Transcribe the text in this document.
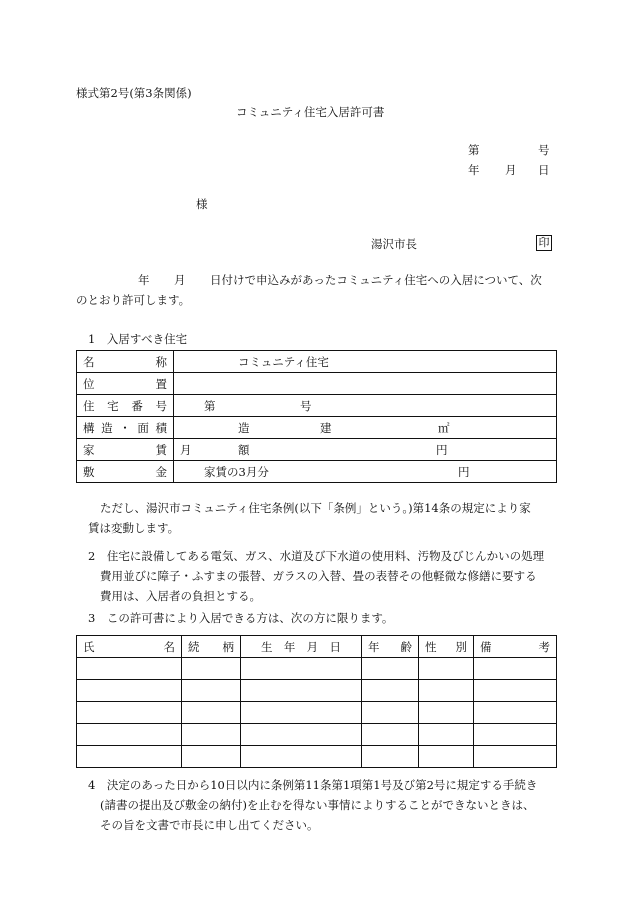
様式第2号(第3条関係)
コミュニティ住宅入居許可書
第	号
年 月 日
様
湯沢市長	印
年 月 日付けで申込みがあったコミュニティ住宅への入居について、次
のとおり許可します。
1　入居すべき住宅
名 称	コミュニティ住宅

位 置	

住 宅 番 号	第 号

構 造 ・ 面 積	造 建 ㎡

家 賃	月 額 円

敷 金	家賃の3月分 円
ただし、湯沢市コミュニティ住宅条例(以下「条例」という。)第14条の規定により家
賃は変動します。
2　住宅に設備してある電気、ガス、水道及び下水道の使用料、汚物及びじんかいの処理
費用並びに障子・ふすまの張替、ガラスの入替、畳の表替その他軽微な修繕に要する
費用は、入居者の負担とする。
3　この許可書により入居できる方は、次の方に限ります。
氏 名	続 柄	生 年 月 日	年 齢	性 別	備 考

4　決定のあった日から10日以内に条例第11条第1項第1号及び第2号に規定する手続き
(請書の提出及び敷金の納付)を止むを得ない事情によりすることができないときは、
その旨を文書で市長に申し出てください。
